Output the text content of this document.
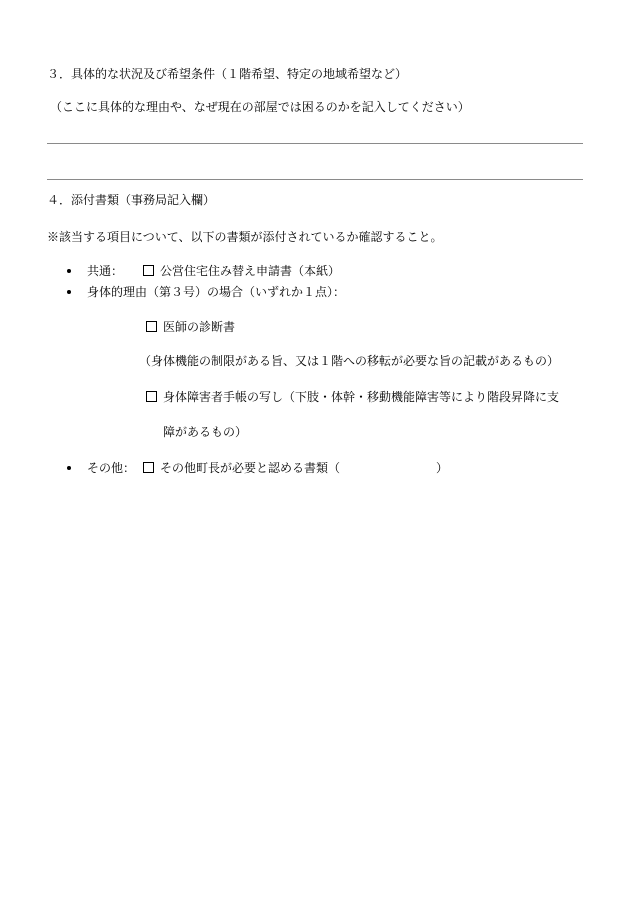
３．具体的な状況及び希望条件（１階希望、特定の地域希望など）
（ここに具体的な理由や、なぜ現在の部屋では困るのかを記入してください）
４．添付書類（事務局記入欄）
※該当する項目について、以下の書類が添付されているか確認すること。
共通：	公営住宅住み替え申請書（本紙）
身体的理由（第３号）の場合（いずれか１点）：
医師の診断書
（身体機能の制限がある旨、又は１階への移転が必要な旨の記載があるもの）
身体障害者手帳の写し（下肢・体幹・移動機能障害等により階段昇降に支
障があるもの）
その他：	その他町長が必要と認める書類（	）
